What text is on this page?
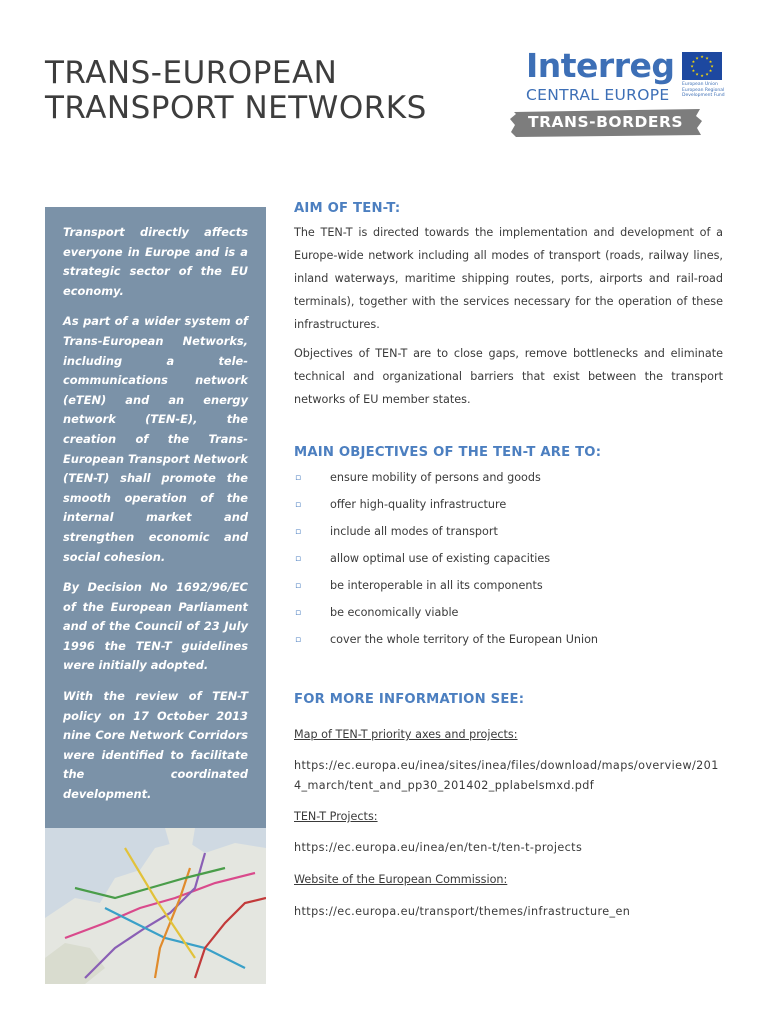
TRANS-EUROPEAN
TRANSPORT NETWORKS
Interreg
CENTRAL EUROPE
★ ★
★
★
★
★
★
★
★
★
★
★
European Union
European Regional
Development Fund
TRANS-BORDERS

Transport directly affects everyone in Europe and is a strategic sector of the EU economy.

As part of a wider system of Trans-European Networks, including a tele-communications network (eTEN) and an energy network (TEN-E), the creation of the Trans-European Transport Network (TEN-T) shall promote the smooth operation of the internal market and strengthen economic and social cohesion.

By Decision No 1692/96/EC of the European Parliament and of the Council of 23 July 1996 the TEN-T guidelines were initially adopted.

With the review of TEN-T policy on 17 October 2013 nine Core Network Corridors were identified to facilitate the coordinated development.

AIM OF TEN-T:

The TEN-T is directed towards the implementation and development of a Europe-wide network including all modes of transport (roads, railway lines, inland waterways, maritime shipping routes, ports, airports and rail-road terminals), together with the services necessary for the operation of these infrastructures.

Objectives of TEN-T are to close gaps, remove bottlenecks and eliminate technical and organizational barriers that exist between the transport networks of EU member states.

MAIN OBJECTIVES OF THE TEN-T ARE TO:
▫	ensure mobility of persons and goods
▫	offer high-quality infrastructure
▫	include all modes of transport
▫	allow optimal use of existing capacities
▫	be interoperable in all its components
▫	be economically viable
▫	cover the whole territory of the European Union
FOR MORE INFORMATION SEE:
Map of TEN-T priority axes and projects:
https://ec.europa.eu/inea/sites/inea/files/download/maps/overview/2014_march/tent_and_pp30_201402_pplabelsmxd.pdf
TEN-T Projects:
https://ec.europa.eu/inea/en/ten-t/ten-t-projects
Website of the European Commission:
https://ec.europa.eu/transport/themes/infrastructure_en
